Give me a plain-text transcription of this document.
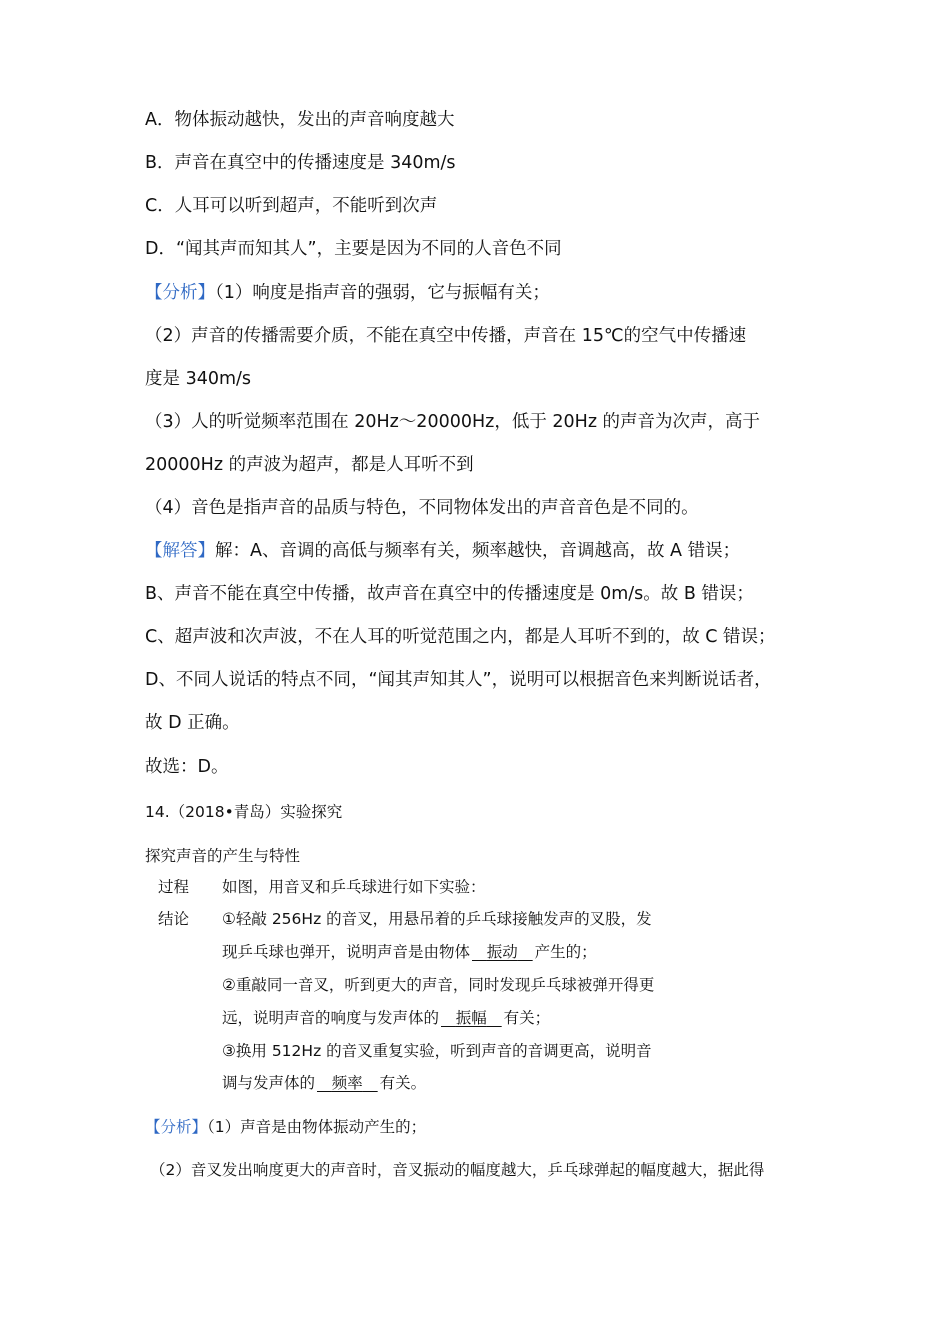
A．物体振动越快，发出的声音响度越大
B．声音在真空中的传播速度是 340m/s
C．人耳可以听到超声，不能听到次声
D．“闻其声而知其人”，主要是因为不同的人音色不同
【分析】（1）响度是指声音的强弱，它与振幅有关；
（2）声音的传播需要介质，不能在真空中传播，声音在 15℃的空气中传播速
度是 340m/s
（3）人的听觉频率范围在 20Hz～20000Hz，低于 20Hz 的声音为次声，高于
20000Hz 的声波为超声，都是人耳听不到
（4）音色是指声音的品质与特色，不同物体发出的声音音色是不同的。
【解答】解：A、音调的高低与频率有关，频率越快，音调越高，故 A 错误；
B、声音不能在真空中传播，故声音在真空中的传播速度是 0m/s。故 B 错误；
C、超声波和次声波，不在人耳的听觉范围之内，都是人耳听不到的，故 C 错误；
D、不同人说话的特点不同，“闻其声知其人”，说明可以根据音色来判断说话者，
故 D 正确。
故选：D。
14.（2018•青岛）实验探究
探究声音的产生与特性
过程 如图，用音叉和乒乓球进行如下实验：
结论 ①轻敲 256Hz 的音叉，用悬吊着的乒乓球接触发声的叉股，发
现乒乓球也弹开，说明声音是由物体 振动 产生的；
②重敲同一音叉，听到更大的声音，同时发现乒乓球被弹开得更
远，说明声音的响度与发声体的 振幅 有关；
③换用 512Hz 的音叉重复实验，听到声音的音调更高，说明音
调与发声体的 频率 有关。
【分析】（1）声音是由物体振动产生的；
（2）音叉发出响度更大的声音时，音叉振动的幅度越大，乒乓球弹起的幅度越大，据此得
